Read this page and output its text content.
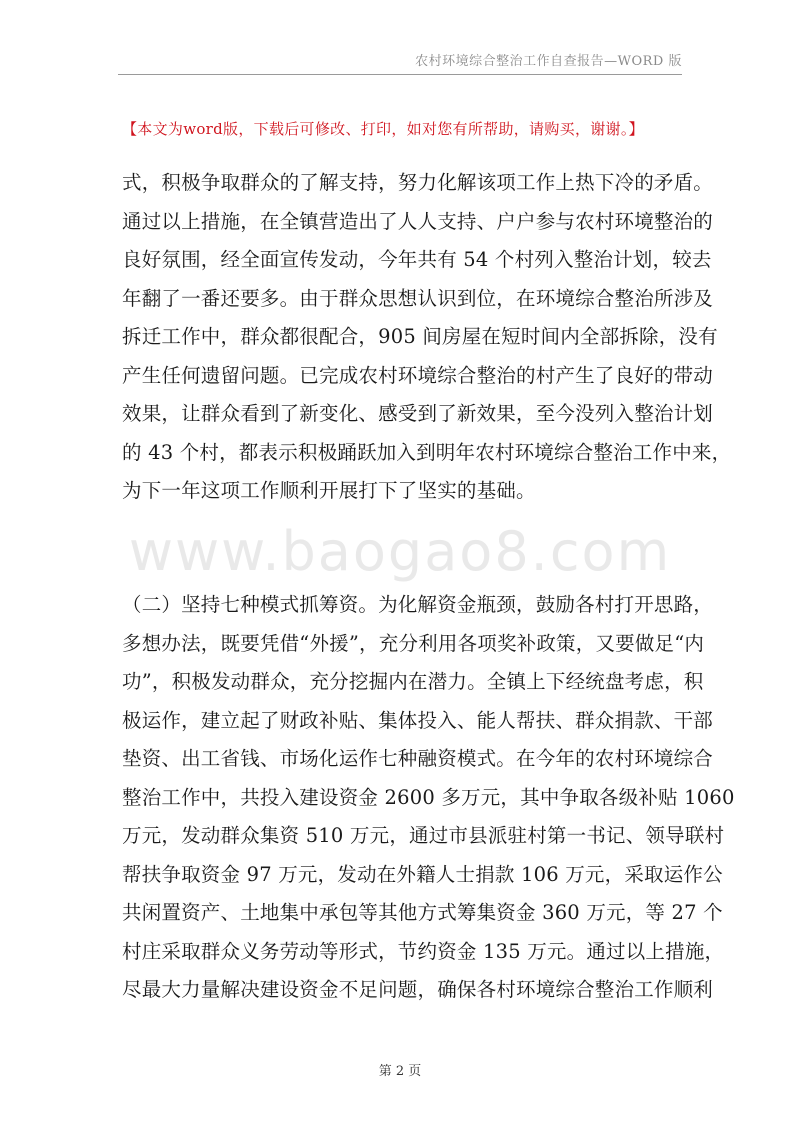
农村环境综合整治工作自查报告—WORD 版
【本文为word版，下载后可修改、打印，如对您有所帮助，请购买，谢谢。】
式，积极争取群众的了解支持，努力化解该项工作上热下冷的矛盾。
通过以上措施，在全镇营造出了人人支持、户户参与农村环境整治的
良好氛围，经全面宣传发动，今年共有 54 个村列入整治计划，较去
年翻了一番还要多。由于群众思想认识到位，在环境综合整治所涉及
拆迁工作中，群众都很配合，905 间房屋在短时间内全部拆除，没有
产生任何遗留问题。已完成农村环境综合整治的村产生了良好的带动
效果，让群众看到了新变化、感受到了新效果，至今没列入整治计划
的 43 个村，都表示积极踊跃加入到明年农村环境综合整治工作中来，
为下一年这项工作顺利开展打下了坚实的基础。
www.baogao8.com
（二）坚持七种模式抓筹资。为化解资金瓶颈，鼓励各村打开思路，
多想办法，既要凭借“外援”，充分利用各项奖补政策，又要做足“内
功”，积极发动群众，充分挖掘内在潜力。全镇上下经统盘考虑，积
极运作，建立起了财政补贴、集体投入、能人帮扶、群众捐款、干部
垫资、出工省钱、市场化运作七种融资模式。在今年的农村环境综合
整治工作中，共投入建设资金 2600 多万元，其中争取各级补贴 1060
万元，发动群众集资 510 万元，通过市县派驻村第一书记、领导联村
帮扶争取资金 97 万元，发动在外籍人士捐款 106 万元，采取运作公
共闲置资产、土地集中承包等其他方式筹集资金 360 万元，等 27 个
村庄采取群众义务劳动等形式，节约资金 135 万元。通过以上措施，
尽最大力量解决建设资金不足问题，确保各村环境综合整治工作顺利
第 2 页
